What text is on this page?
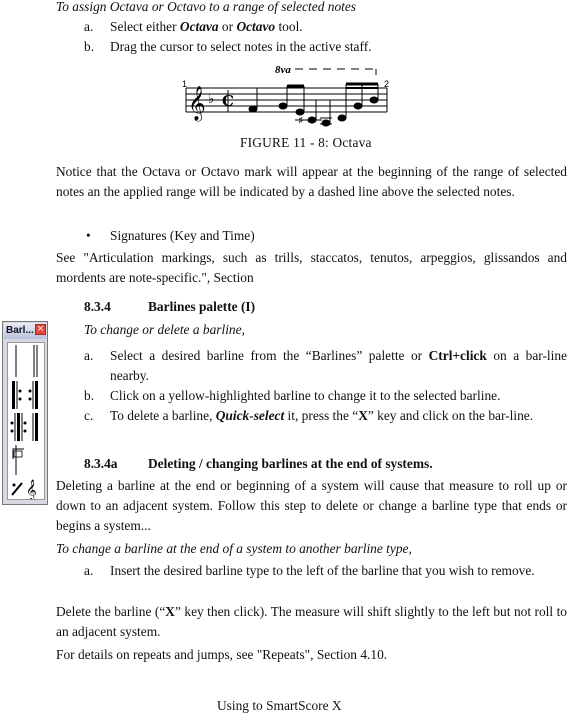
To assign Octava or Octavo to a range of selected notes
a. Select either Octava or Octavo tool.
b. Drag the cursor to select notes in the active staff.
1	2
8va
𝄞 ♭ C
♯
FIGURE 11 - 8: Octava
Notice that the Octava or Octavo mark will appear at the beginning of the range of selected notes an the applied range will be indicated by a dashed line above the selected notes.
• Signatures (Key and Time)
See "Articulation markings, such as trills, staccatos, tenutos, arpeggios, glissandos and mordents are note-specific.", Section
8.3.4	Barlines palette (I)
To change or delete a barline,
a. Select a desired barline from the “Barlines” palette or Ctrl+click on a bar-line nearby.
b. Click on a yellow-highlighted barline to change it to the selected barline.
c. To delete a barline, Quick-select it, press the “X” key and click on the bar-line.
8.3.4a Deleting / changing barlines at the end of systems.
Deleting a barline at the end or beginning of a system will cause that measure to roll up or down to an adjacent system. Follow this step to delete or change a barline type that ends or begins a system...
To change a barline at the end of a system to another barline type,
a. Insert the desired barline type to the left of the barline that you wish to remove.
Delete the barline (“X” key then click). The measure will shift slightly to the left but not roll to an adjacent system.
For details on repeats and jumps, see "Repeats", Section 4.10.
Barl... ×
𝄞
Using to SmartScore X
